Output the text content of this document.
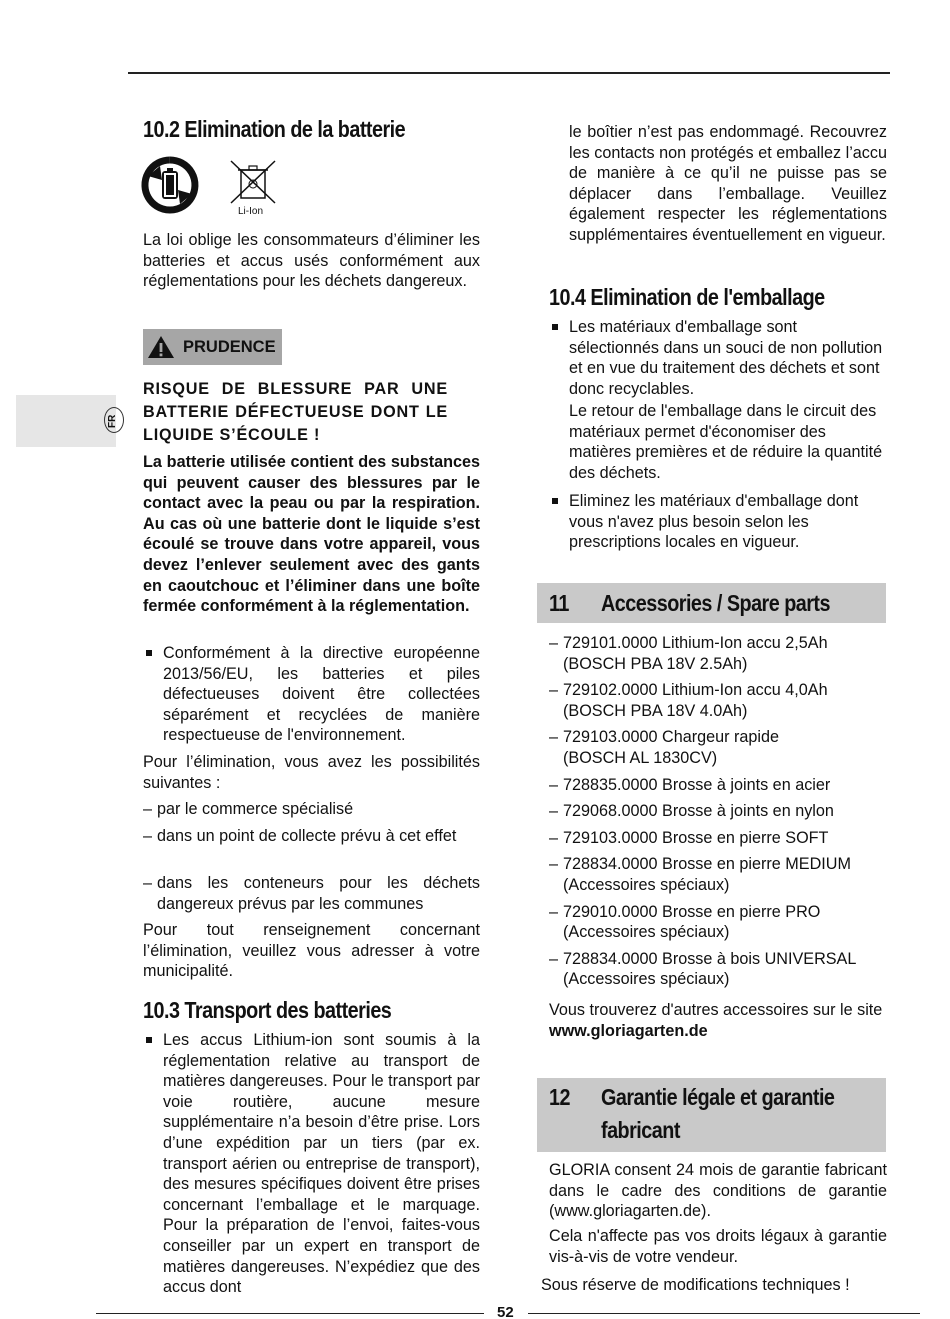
FR
10.2 Elimination de la batterie
Li-Ion
La loi oblige les consommateurs d’éliminer les batteries et accus usés conformément aux réglementations pour les déchets dangereux.
PRUDENCE
RISQUE DE BLESSURE PAR UNE BATTERIE DÉFECTUEUSE DONT LE LIQUIDE S’ÉCOULE !
La batterie utilisée contient des substances qui peuvent causer des blessures par le contact avec la peau ou par la respiration. Au cas où une batterie dont le liquide s’est écoulé se trouve dans votre appareil, vous devez l’enlever seulement avec des gants en caoutchouc et l’éliminer dans une boîte fermée conformément à la réglementation.
Conformément à la directive européenne 2013/56/EU, les batteries et piles défectueuses doivent être collectées séparément et recyclées de manière respectueuse de l'environnement.
Pour l’élimination, vous avez les possibilités suivantes :
– par le commerce spécialisé
– dans un point de collecte prévu à cet effet
– dans les conteneurs pour les déchets dangereux prévus par les communes
Pour tout renseignement concernant l’élimination, veuillez vous adresser à votre municipalité.
10.3 Transport des batteries
Les accus Lithium-ion sont soumis à la réglementation relative au transport de matières dangereuses. Pour le transport par voie routière, aucune mesure supplémentaire n’a besoin d’être prise. Lors d’une expédition par un tiers (par ex. transport aérien ou entreprise de transport), des mesures spécifiques doivent être prises concernant l’emballage et le marquage. Pour la préparation de l’envoi, faites-vous conseiller par un expert en transport de matières dangereuses. N’expédiez que des accus dont
le boîtier n’est pas endommagé. Recouvrez les contacts non protégés et emballez l’accu de manière à ce qu’il ne puisse pas se déplacer dans l’emballage. Veuillez également respecter les réglementations supplémentaires éventuellement en vigueur.
10.4 Elimination de l'emballage
Les matériaux d'emballage sont sélectionnés dans un souci de non pollution et en vue du traitement des déchets et sont donc recyclables.
Le retour de l'emballage dans le circuit des matériaux permet d'économiser des matières premières et de réduire la quantité des déchets.
Eliminez les matériaux d'emballage dont vous n'avez plus besoin selon les prescriptions locales en vigueur.
11 Accessories / Spare parts
– 729101.0000 Lithium-Ion accu 2,5Ah
(BOSCH PBA 18V 2.5Ah)
– 729102.0000 Lithium-Ion accu 4,0Ah
(BOSCH PBA 18V 4.0Ah)
– 729103.0000 Chargeur rapide
(BOSCH AL 1830CV)
– 728835.0000 Brosse à joints en acier
– 729068.0000 Brosse à joints en nylon
– 729103.0000 Brosse en pierre SOFT
– 728834.0000 Brosse en pierre MEDIUM
(Accessoires spéciaux)
– 729010.0000 Brosse en pierre PRO
(Accessoires spéciaux)
– 728834.0000 Brosse à bois UNIVERSAL
(Accessoires spéciaux)
Vous trouverez d'autres accessoires sur le site www.gloriagarten.de
12 Garantie légale et garantie
fabricant
GLORIA consent 24 mois de garantie fabricant dans le cadre des conditions de garantie (www.gloriagarten.de).
Cela n'affecte pas vos droits légaux à garantie vis-à-vis de votre vendeur.
Sous réserve de modifications techniques !
52
